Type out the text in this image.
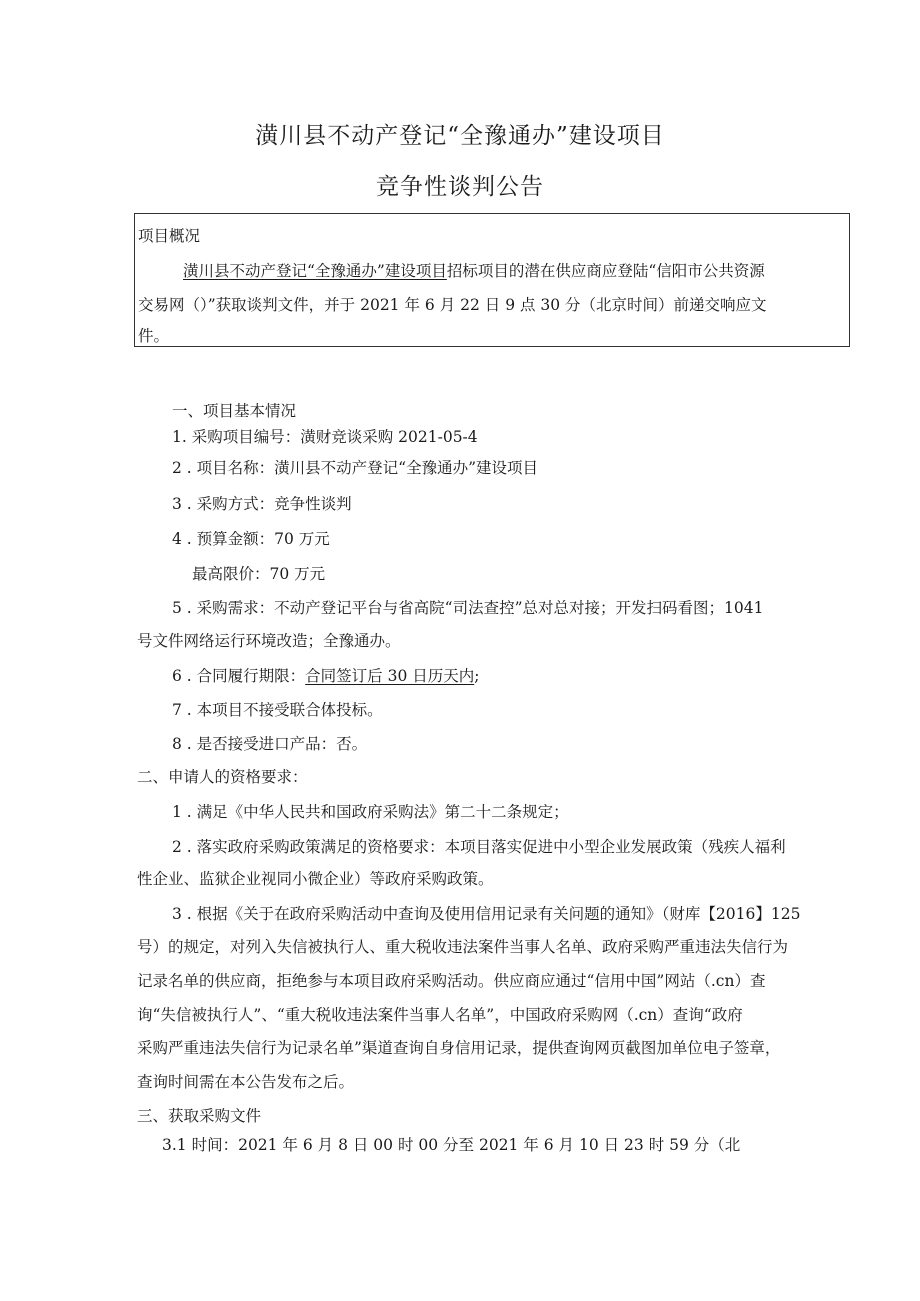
潢川县不动产登记“全豫通办”建设项目
竞争性谈判公告
项目概况
潢川县不动产登记“全豫通办”建设项目招标项目的潜在供应商应登陆“信阳市公共资源
交易网（）”获取谈判文件，并于 2021 年 6 月 22 日 9 点 30 分（北京时间）前递交响应文
件。
一、项目基本情况
1. 采购项目编号：潢财竞谈采购 2021-05-4
2 . 项目名称：潢川县不动产登记“全豫通办”建设项目
3 . 采购方式：竞争性谈判
4 . 预算金额：70 万元
最高限价：70 万元
5 . 采购需求：不动产登记平台与省高院“司法查控”总对总对接；开发扫码看图；1041
号文件网络运行环境改造；全豫通办。
6 . 合同履行期限：合同签订后 30 日历天内;
7 . 本项目不接受联合体投标。
8 . 是否接受进口产品：否。
二、申请人的资格要求：
1 . 满足《中华人民共和国政府采购法》第二十二条规定；
2 . 落实政府采购政策满足的资格要求：本项目落实促进中小型企业发展政策（残疾人福利
性企业、监狱企业视同小微企业）等政府采购政策。
3 . 根据《关于在政府采购活动中查询及使用信用记录有关问题的通知》（财库【2016】125
号）的规定，对列入失信被执行人、重大税收违法案件当事人名单、政府采购严重违法失信行为
记录名单的供应商，拒绝参与本项目政府采购活动。供应商应通过“信用中国”网站（.cn）查
询“失信被执行人”、“重大税收违法案件当事人名单”，中国政府采购网（.cn）查询“政府
采购严重违法失信行为记录名单”渠道查询自身信用记录，提供查询网页截图加单位电子签章，
查询时间需在本公告发布之后。
三、获取采购文件
3.1 时间：2021 年 6 月 8 日 00 时 00 分至 2021 年 6 月 10 日 23 时 59 分（北
